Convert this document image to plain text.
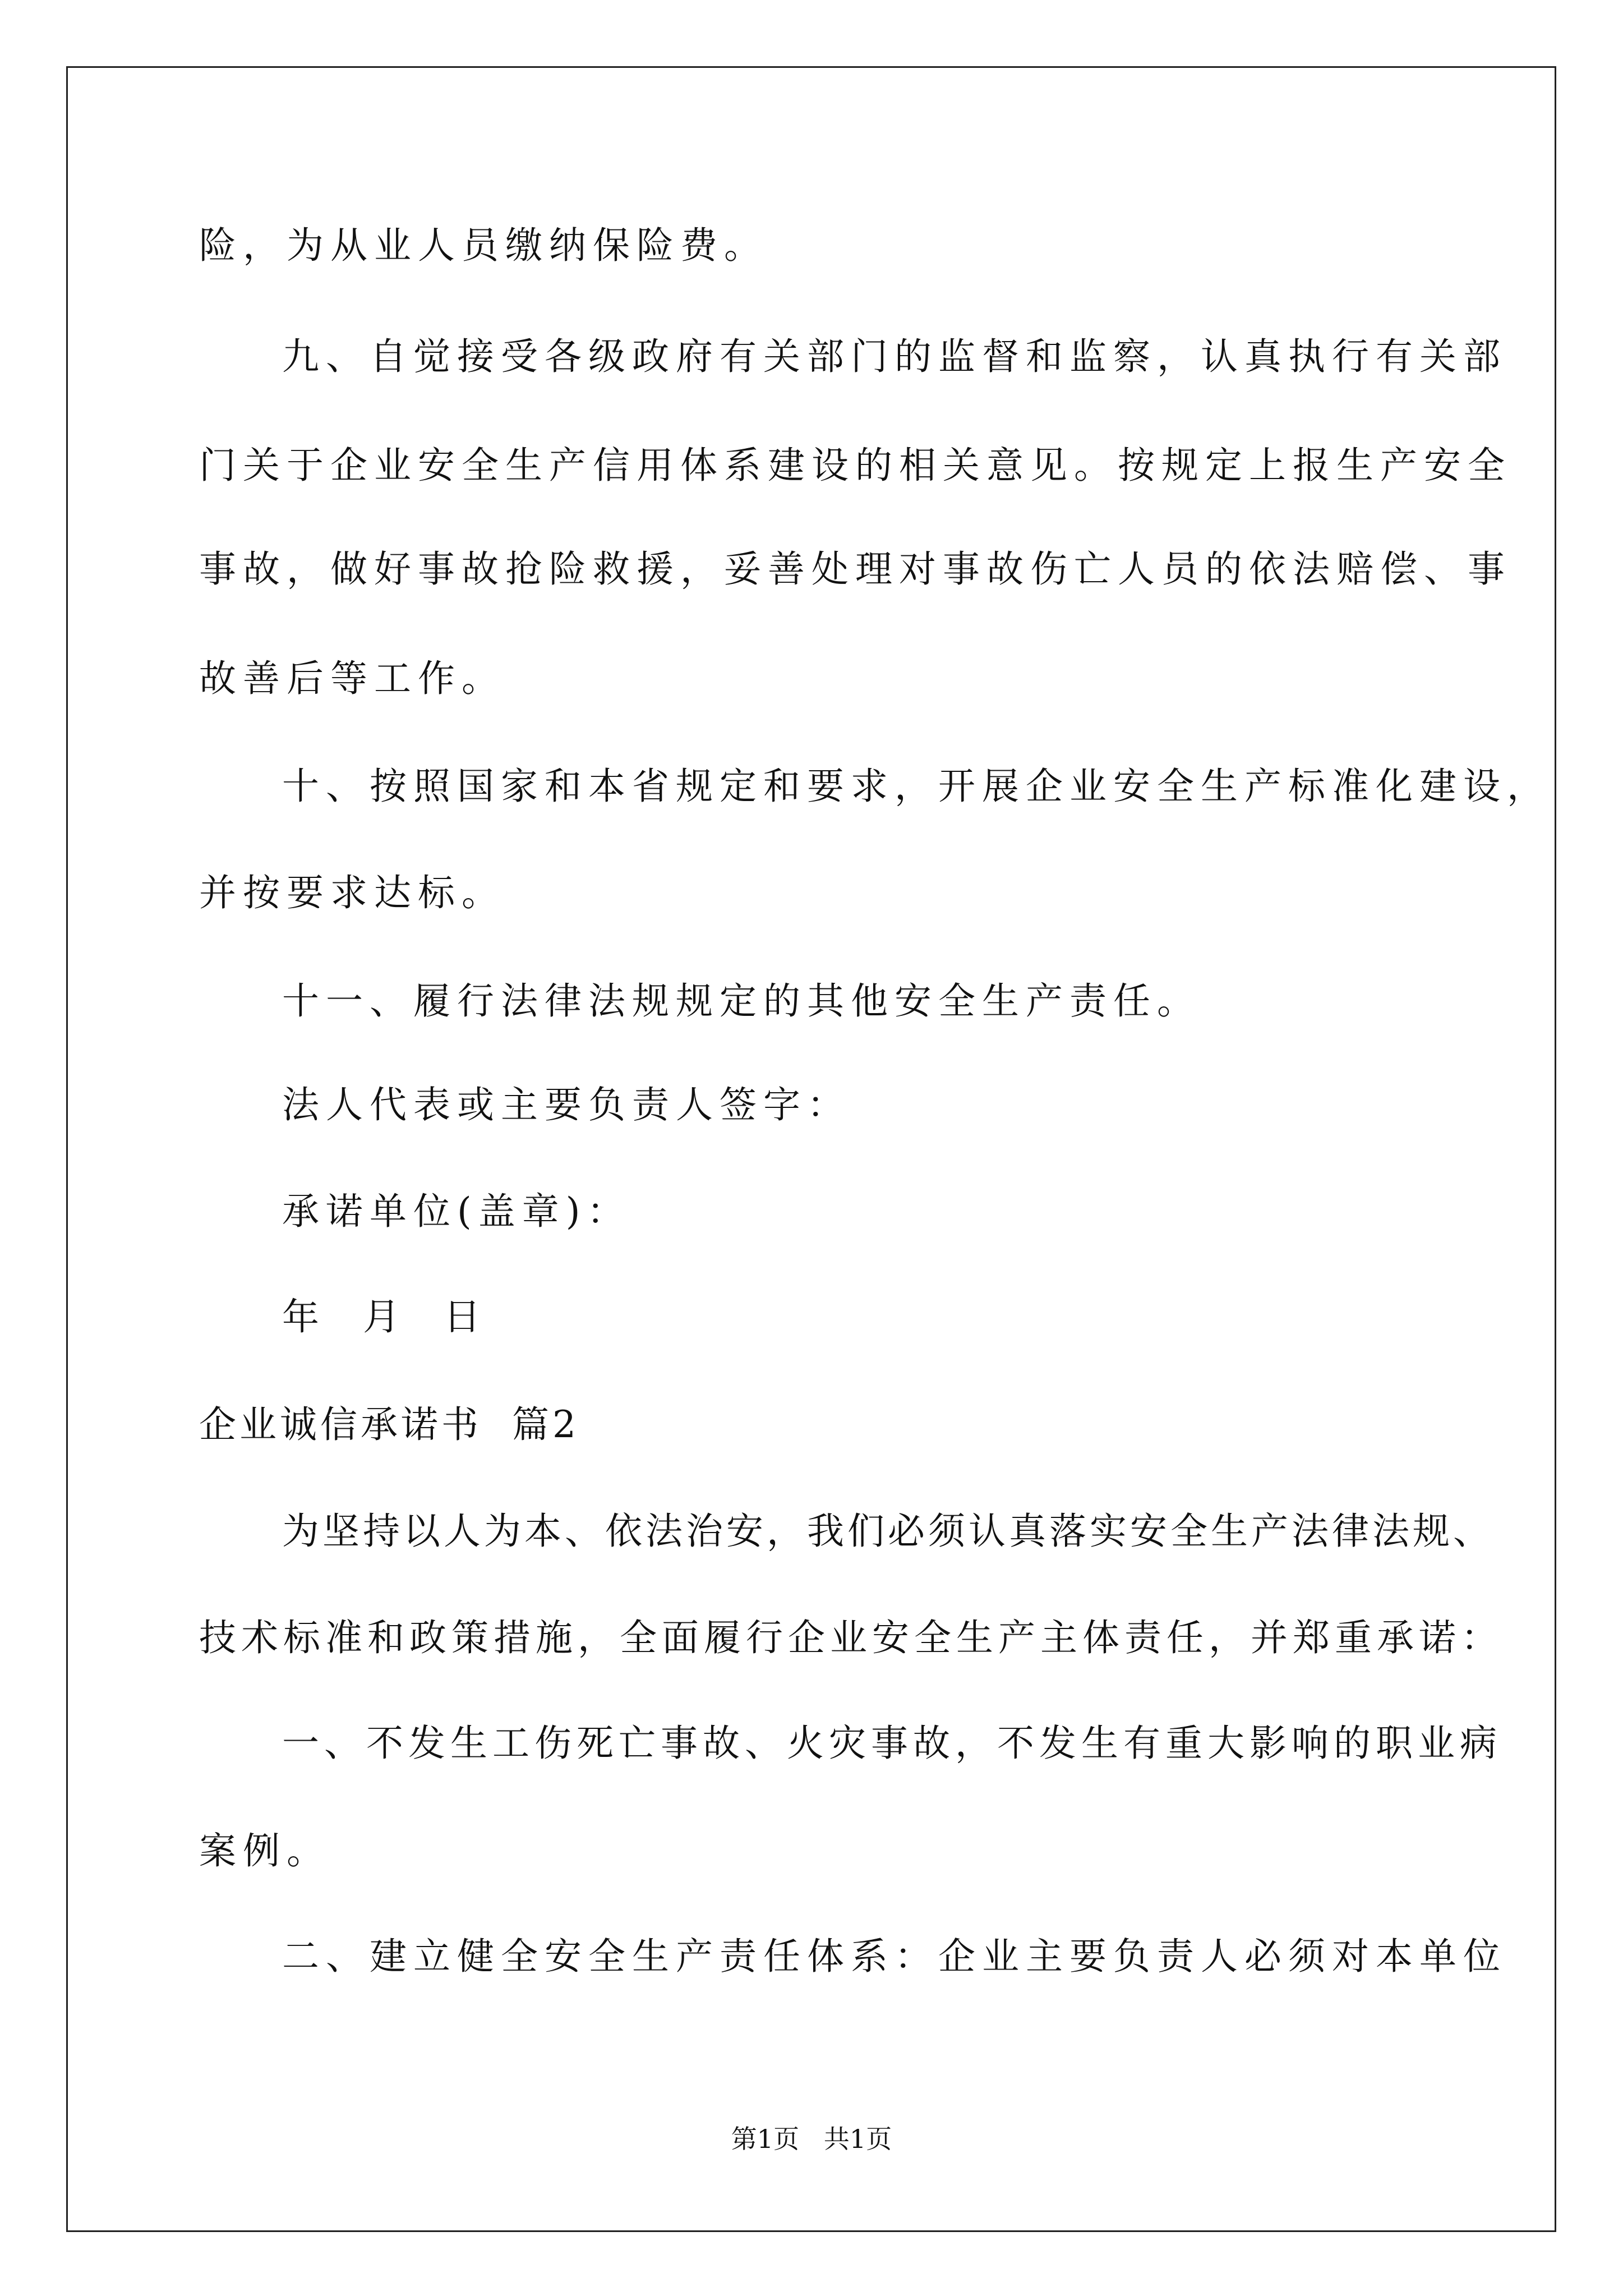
险，为从业人员缴纳保险费。
九、自觉接受各级政府有关部门的监督和监察，认真执行有关部
门关于企业安全生产信用体系建设的相关意见。按规定上报生产安全
事故，做好事故抢险救援，妥善处理对事故伤亡人员的依法赔偿、事
故善后等工作。
十、按照国家和本省规定和要求，开展企业安全生产标准化建设，
并按要求达标。
十一、履行法律法规规定的其他安全生产责任。
法人代表或主要负责人签字：
承诺单位(盖章)：
年  月  日
企业诚信承诺书  篇2
为坚持以人为本、依法治安，我们必须认真落实安全生产法律法规、
技术标准和政策措施，全面履行企业安全生产主体责任，并郑重承诺：
一、不发生工伤死亡事故、火灾事故，不发生有重大影响的职业病
案例。
二、建立健全安全生产责任体系：企业主要负责人必须对本单位
第1页   共1页
